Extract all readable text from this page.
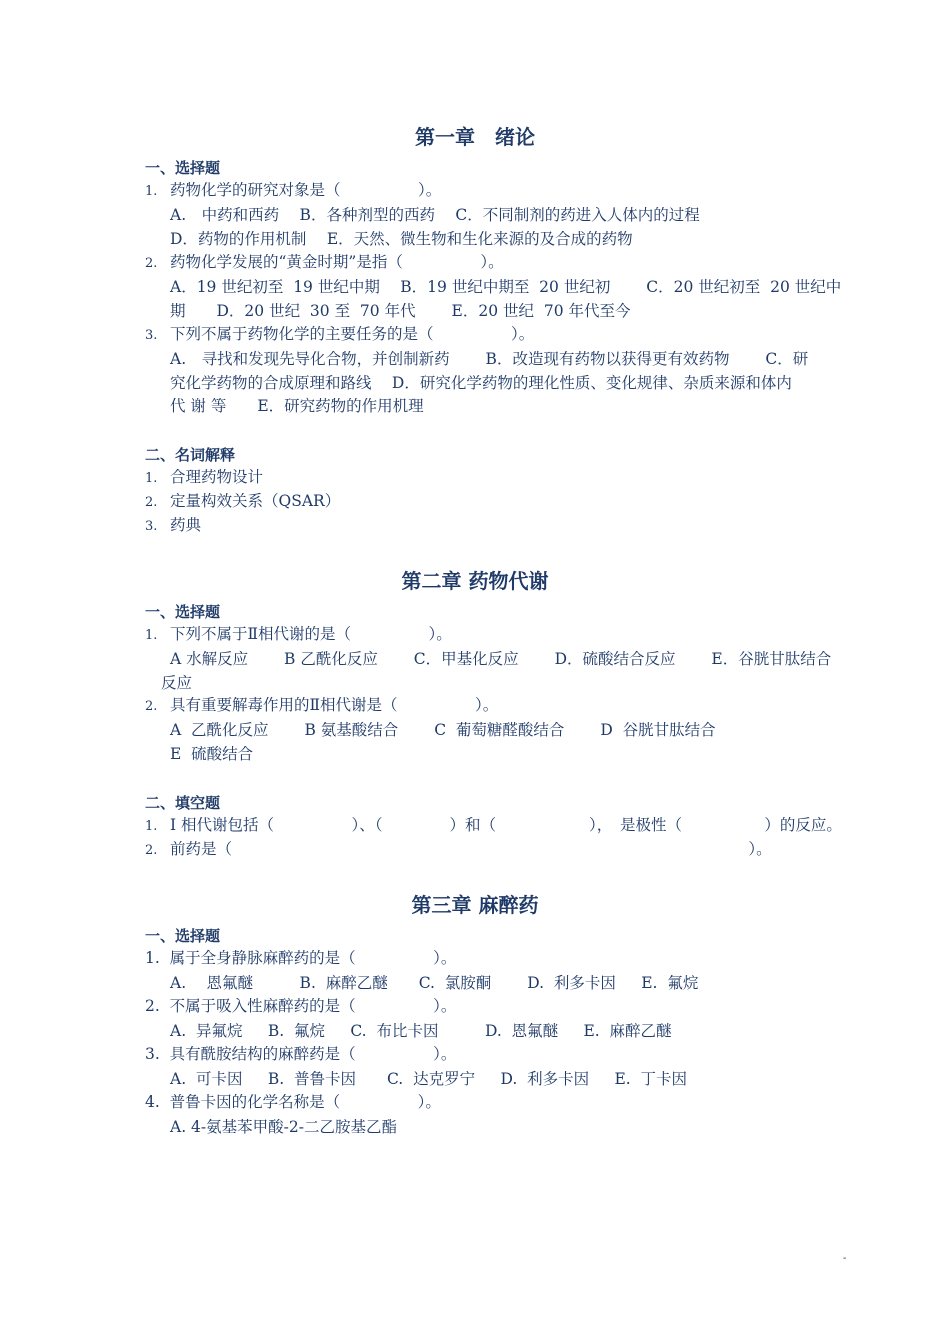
第一章　绪论
一、选择题
1. 药物化学的研究对象是（　　　　　）。
A.　中药和西药　 B．各种剂型的西药　 C．不同制剂的药进入人体内的过程
D．药物的作用机制　 E．天然、微生物和生化来源的及合成的药物
2. 药物化学发展的“黄金时期”是指（　　　　　）。
A．19 世纪初至  19 世纪中期　 B．19 世纪中期至  20 世纪初　　 C．20 世纪初至  20 世纪中
期　　D．20 世纪  30 至  70 年代　　 E．20 世纪  70 年代至今
3. 下列不属于药物化学的主要任务的是（　　　　　）。
A.　寻找和发现先导化合物，并创制新药　　 B．改造现有药物以获得更有效药物　　 C．研
究化学药物的合成原理和路线　 D．研究化学药物的理化性质、变化规律、杂质来源和体内
代 谢 等　　E．研究药物的作用机理
二、名词解释
1. 合理药物设计
2. 定量构效关系（QSAR）
3. 药典
第二章 药物代谢
一、选择题
1. 下列不属于Ⅱ相代谢的是（　　　　　）。
A 水解反应　　 B 乙酰化反应　　 C．甲基化反应　　 D．硫酸结合反应　　 E．谷胱甘肽结合
反应
2. 具有重要解毒作用的Ⅱ相代谢是（　　　　　）。
A  乙酰化反应　　 B 氨基酸结合　　 C  葡萄糖醛酸结合　　 D  谷胱甘肽结合
E  硫酸结合
二、填空题
1. Ⅰ 相代谢包括（　　　　　）、（　　　　 ）和（　　　　　　），　是极性（　　　　　 ）的反应。
2. 前药是（　　　　　　　　　　　　　　　　　　　　　　　　　　　　　　　　　 ）。
第三章 麻醉药
一、选择题
1.  属于全身静脉麻醉药的是（　　　　　）。
A.　 恩氟醚　　　B.  麻醉乙醚　　C.  氯胺酮　　 D.  利多卡因　  E.  氟烷
2.  不属于吸入性麻醉药的是（　　　　　）。
A.  异氟烷　  B.  氟烷　  C.  布比卡因　　　D.  恩氟醚　  E.  麻醉乙醚
3.  具有酰胺结构的麻醉药是（　　　　　）。
A.  可卡因　  B.  普鲁卡因　　C.  达克罗宁　  D.  利多卡因　  E.  丁卡因
4.  普鲁卡因的化学名称是（　　　　　）。
A. 4-氨基苯甲酸-2-二乙胺基乙酯
-
